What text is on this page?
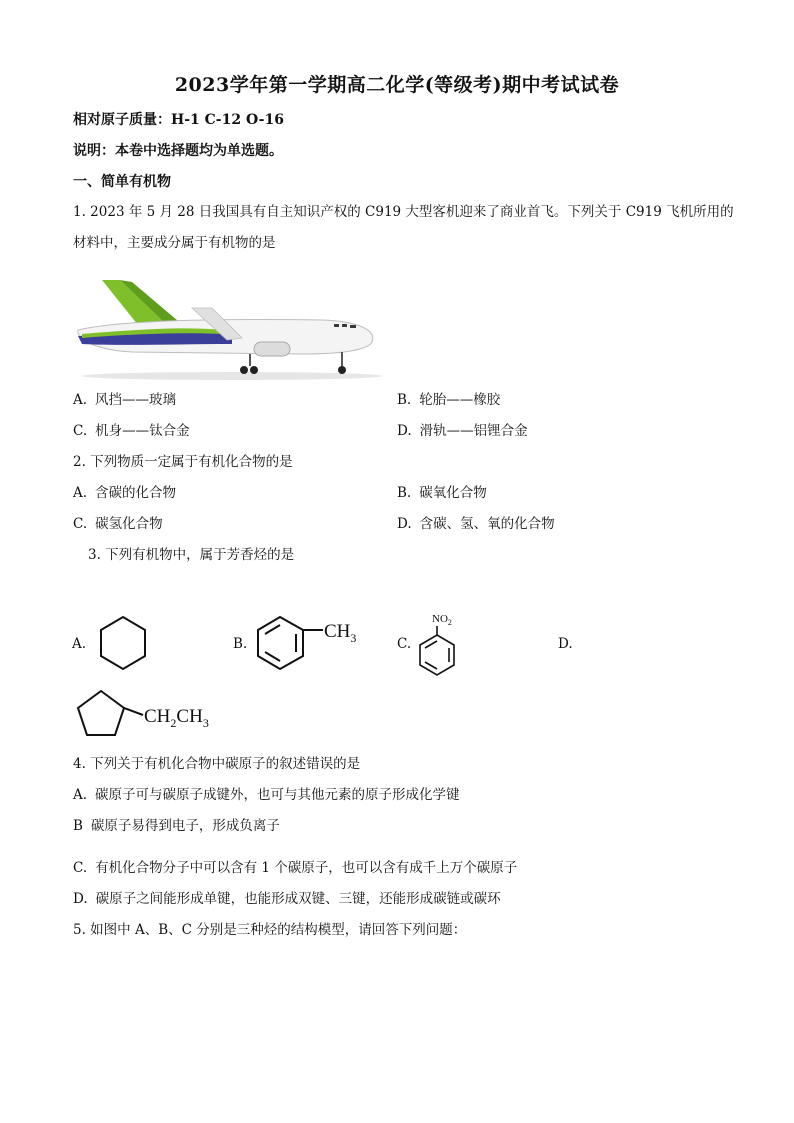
2023学年第一学期高二化学(等级考)期中考试试卷
相对原子质量：H-1 C-12 O-16
说明：本卷中选择题均为单选题。
一、简单有机物
1. 2023 年 5 月 28 日我国具有自主知识产权的 C919 大型客机迎来了商业首飞。下列关于 C919 飞机所用的
材料中，主要成分属于有机物的是
A. 风挡——玻璃	B. 轮胎——橡胶
C. 机身——钛合金	D. 滑轨——铝锂合金
2. 下列物质一定属于有机化合物的是
A. 含碳的化合物	B. 碳氧化合物
C. 碳氢化合物	D. 含碳、氢、氧的化合物
3. 下列有机物中，属于芳香烃的是
A.	B.
$CH_3$	C.
$NO_2$
D.
$CH_2CH_3$
4. 下列关于有机化合物中碳原子的叙述错误的是
A. 碳原子可与碳原子成键外，也可与其他元素的原子形成化学键
B 碳原子易得到电子，形成负离子
C. 有机化合物分子中可以含有 1 个碳原子，也可以含有成千上万个碳原子
D. 碳原子之间能形成单键，也能形成双键、三键，还能形成碳链或碳环
5. 如图中 A、B、C 分别是三种烃的结构模型，请回答下列问题：
